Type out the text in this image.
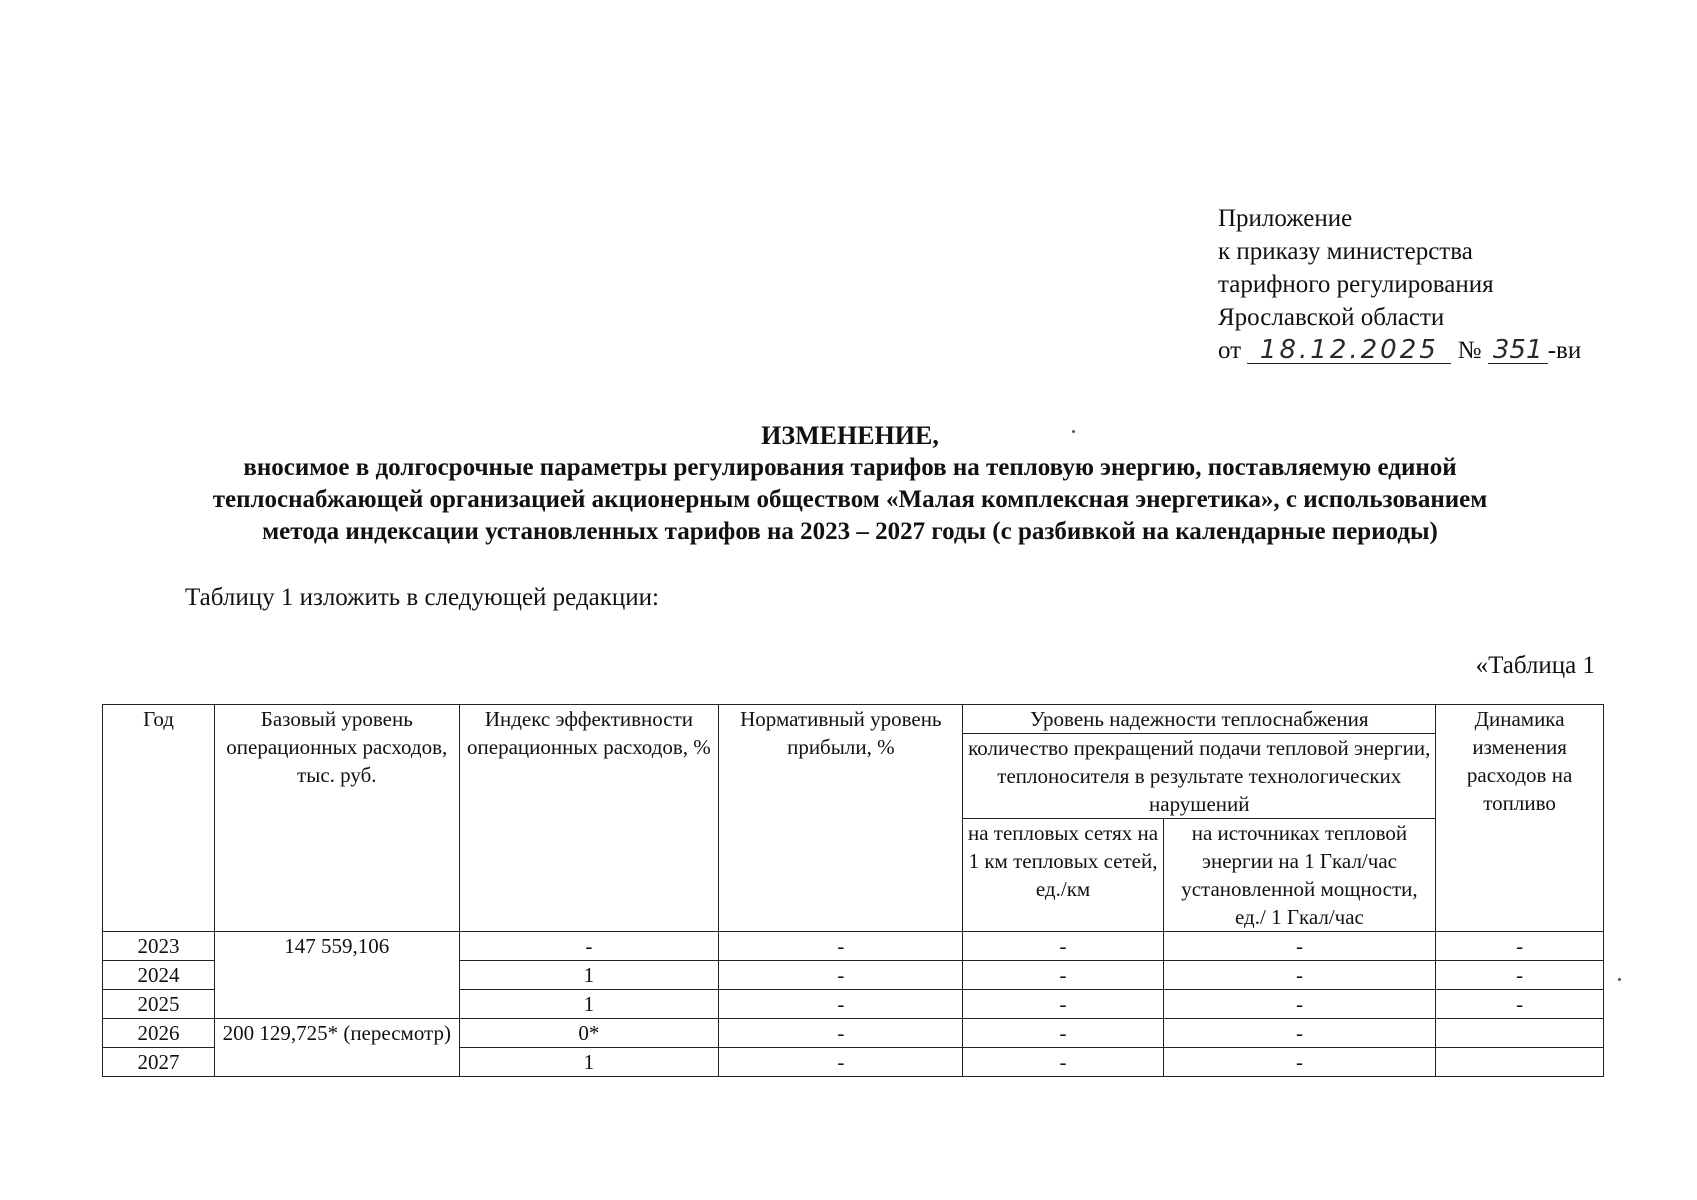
Приложение
к приказу министерства
тарифного регулирования
Ярославской области
от 18.12.2025 № 351 -ви
ИЗМЕНЕНИЕ,
вносимое в долгосрочные параметры регулирования тарифов на тепловую энергию, поставляемую единой
теплоснабжающей организацией акционерным обществом «Малая комплексная энергетика», с использованием
метода индексации установленных тарифов на 2023 – 2027 годы (с разбивкой на календарные периоды)
Таблицу 1 изложить в следующей редакции:
«Таблица 1
Год	Базовый уровень операционных расходов, тыс. руб.	Индекс эффективности операционных расходов, %	Нормативный уровень прибыли, %	Уровень надежности теплоснабжения		Динамика изменения расходов на топливо
				количество прекращений подачи тепловой энергии, теплоносителя в результате технологических нарушений		
				на тепловых сетях на 1 км тепловых сетей, ед./км	на источниках тепловой энергии на 1 Гкал/час установленной мощности, ед./ 1 Гкал/час	
2023	147 559,106	-	-	-	-	-
2024		1	-	-	-	-
2025		1	-	-	-	-
2026	200 129,725* (пересмотр)	0*	-	-	-	
2027		1	-	-	-	
